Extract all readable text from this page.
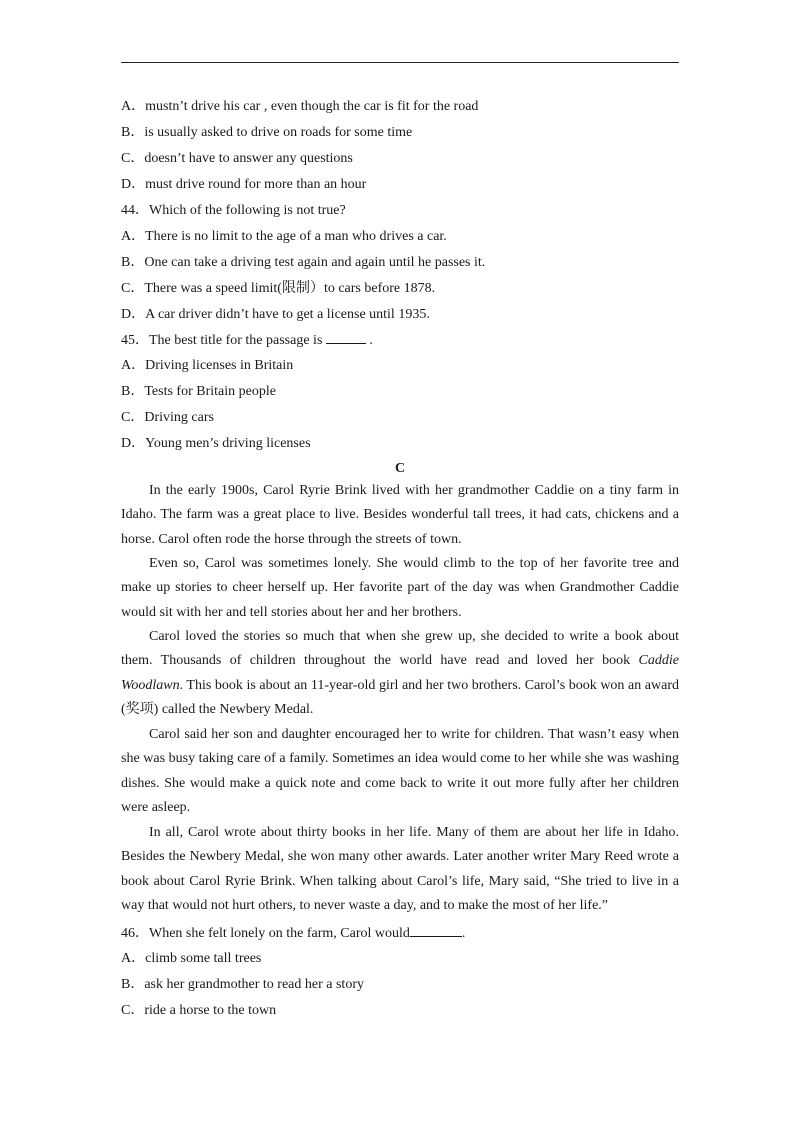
A．mustn’t drive his car , even though the car is fit for the road
B．is usually asked to drive on roads for some time
C．doesn’t have to answer any questions
D．must drive round for more than an hour
44．Which of the following is not true?
A．There is no limit to the age of a man who drives a car.
B．One can take a driving test again and again until he passes it.
C．There was a speed limit(限制）to cars before 1878.
D．A car driver didn’t have to get a license until 1935.
45．The best title for the passage is	.
A．Driving licenses in Britain
B．Tests for Britain people
C．Driving cars
D．Young men’s driving licenses
C

In the early 1900s, Carol Ryrie Brink lived with her grandmother Caddie on a tiny farm in Idaho. The farm was a great place to live. Besides wonderful tall trees, it had cats, chickens and a horse. Carol often rode the horse through the streets of town.

Even so, Carol was sometimes lonely. She would climb to the top of her favorite tree and make up stories to cheer herself up. Her favorite part of the day was when Grandmother Caddie would sit with her and tell stories about her and her brothers.

Carol loved the stories so much that when she grew up, she decided to write a book about them. Thousands of children throughout the world have read and loved her book Caddie Woodlawn. This book is about an 11-year-old girl and her two brothers. Carol’s book won an award (奖项) called the Newbery Medal.

Carol said her son and daughter encouraged her to write for children. That wasn’t easy when she was busy taking care of a family. Sometimes an idea would come to her while she was washing dishes. She would make a quick note and come back to write it out more fully after her children were asleep.

In all, Carol wrote about thirty books in her life. Many of them are about her life in Idaho. Besides the Newbery Medal, she won many other awards. Later another writer Mary Reed wrote a book about Carol Ryrie Brink. When talking about Carol’s life, Mary said, “She tried to live in a way that would not hurt others, to never waste a day, and to make the most of her life.”

46．When she felt lonely on the farm, Carol would	.
A．climb some tall trees
B．ask her grandmother to read her a story
C．ride a horse to the town
